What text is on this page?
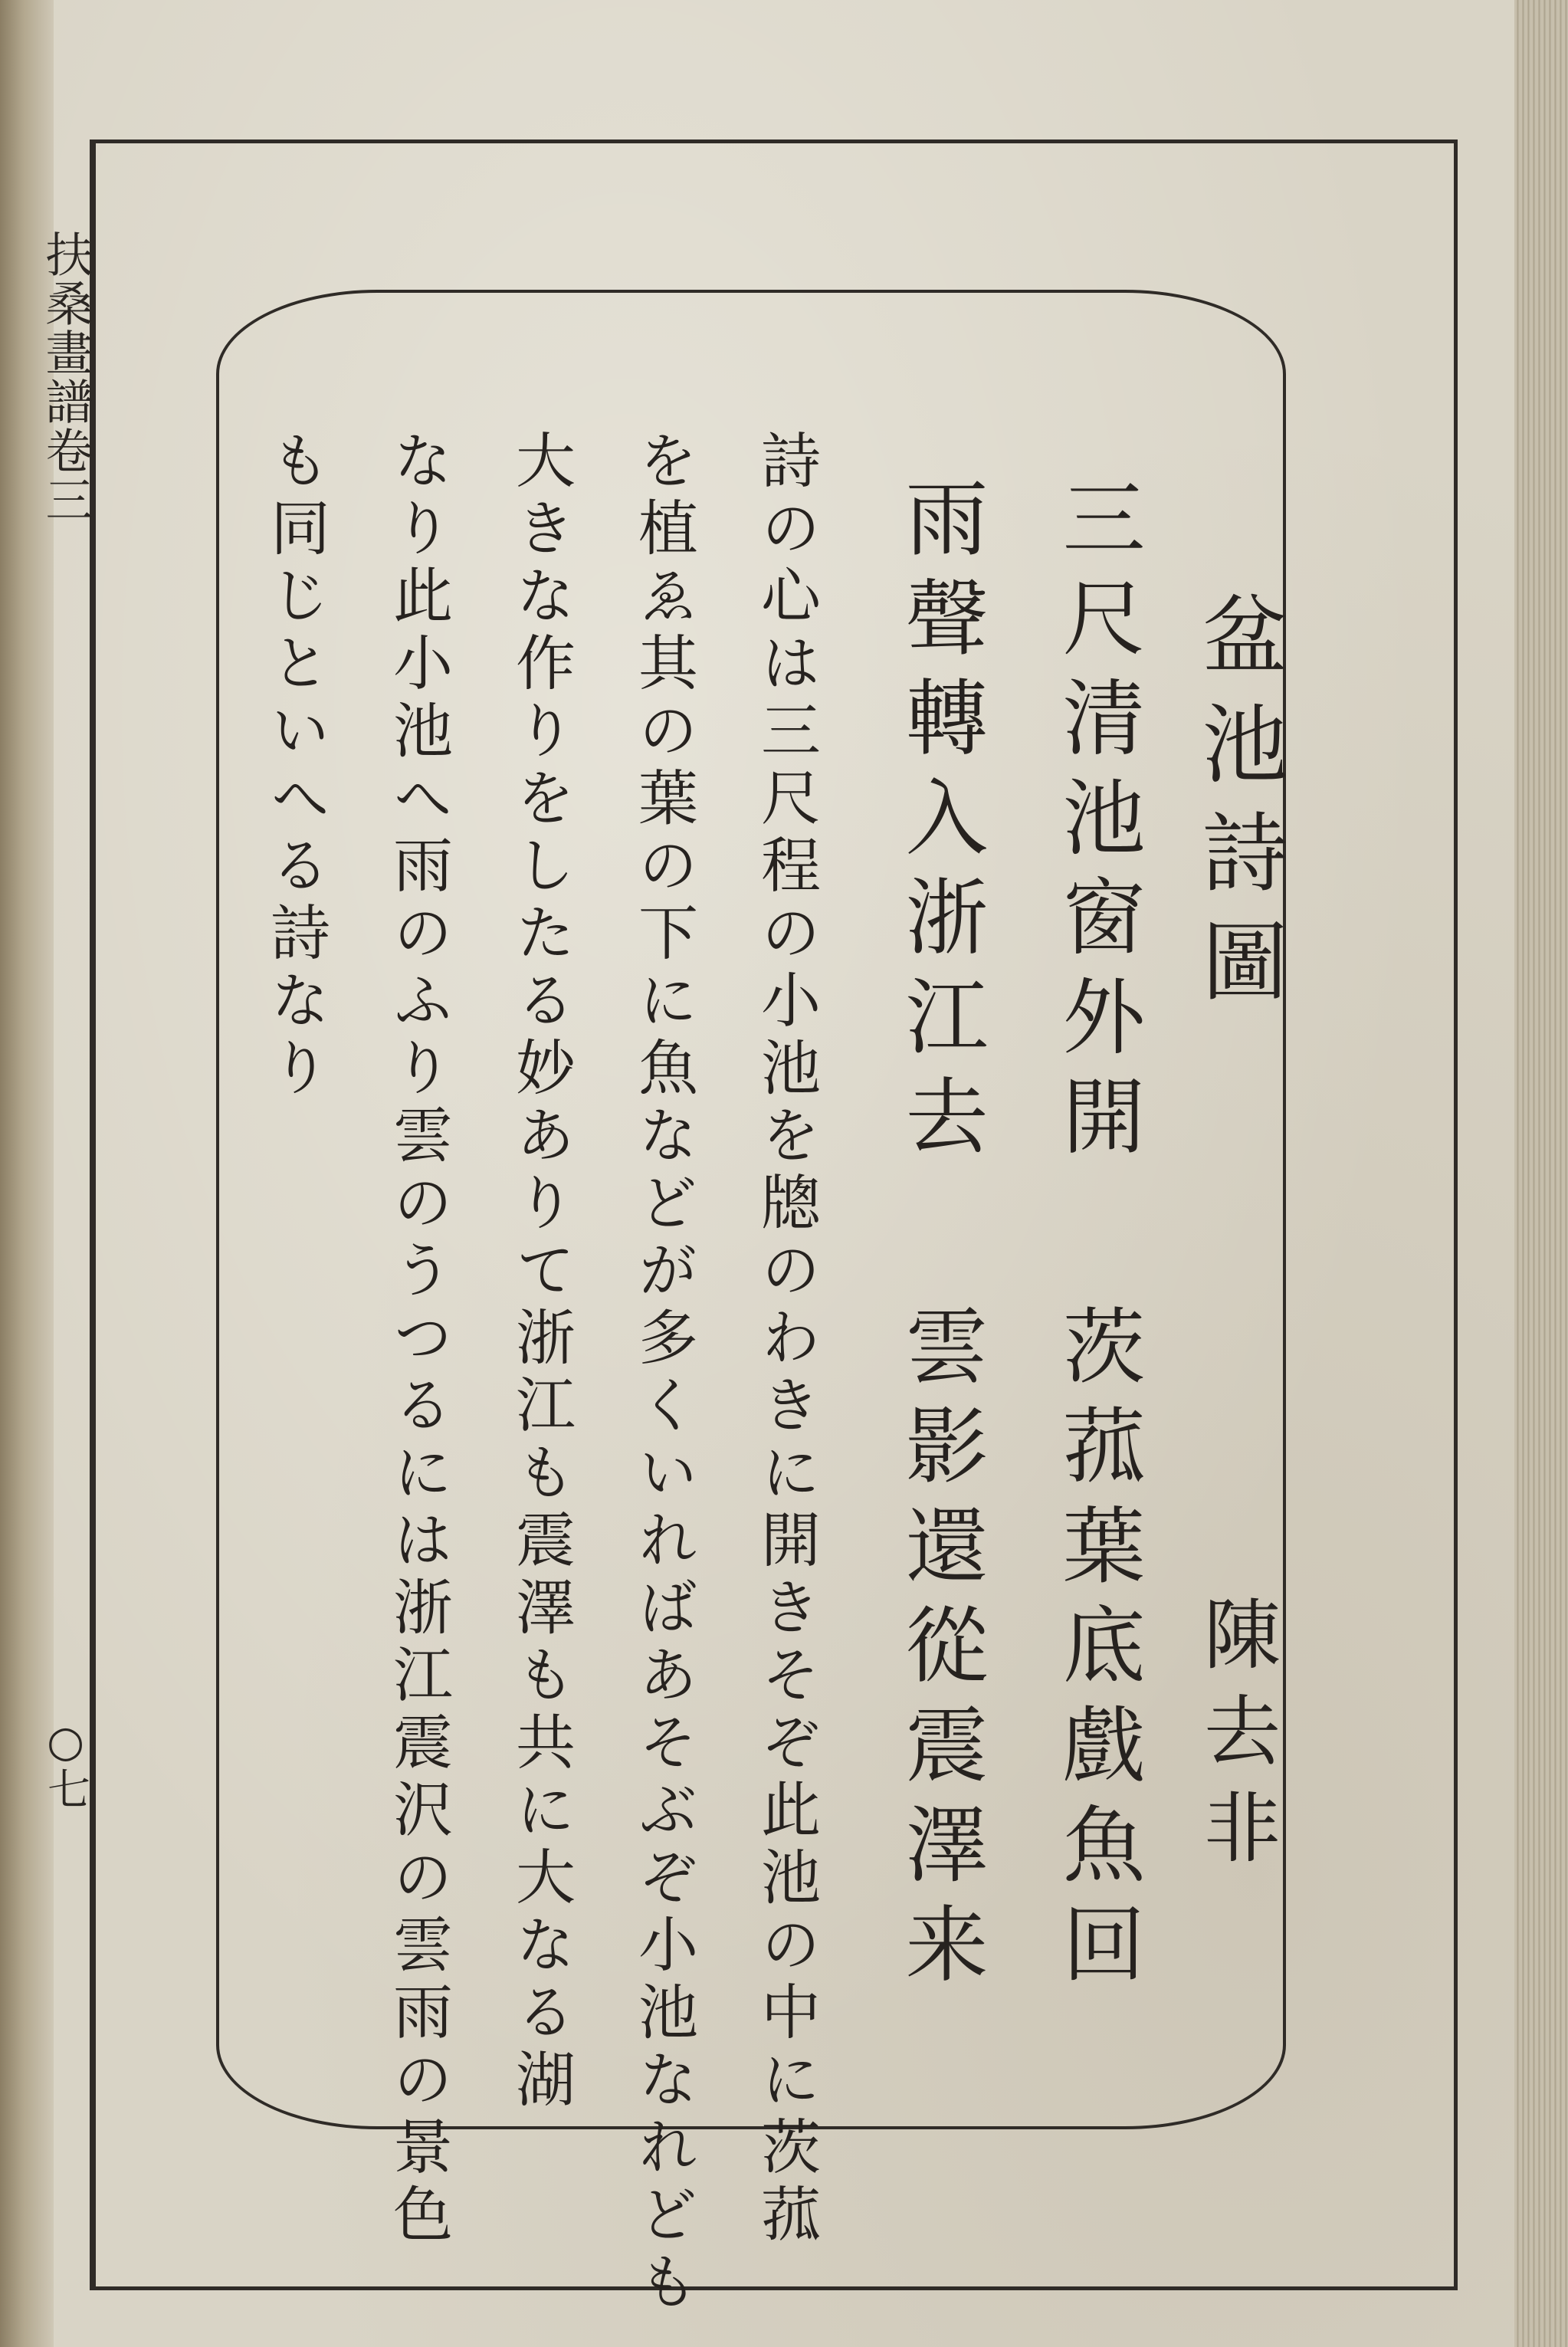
扶桑畫譜卷三
○七
盆池詩圖
陳去非
三尺清池窗外開
茨菰葉底戲魚回
雨聲轉入浙江去
雲影還從震澤来
詩の心は三尺程の小池を牕のわきに開きそぞ此池の中に茨菰
を植ゑ其の葉の下に魚などが多くいればあそぶぞ小池なれども
大きな作りをしたる妙ありて浙江も震澤も共に大なる湖
なり此小池へ雨のふり雲のうつるには浙江震沢の雲雨の景色
も同じといへる詩なり
